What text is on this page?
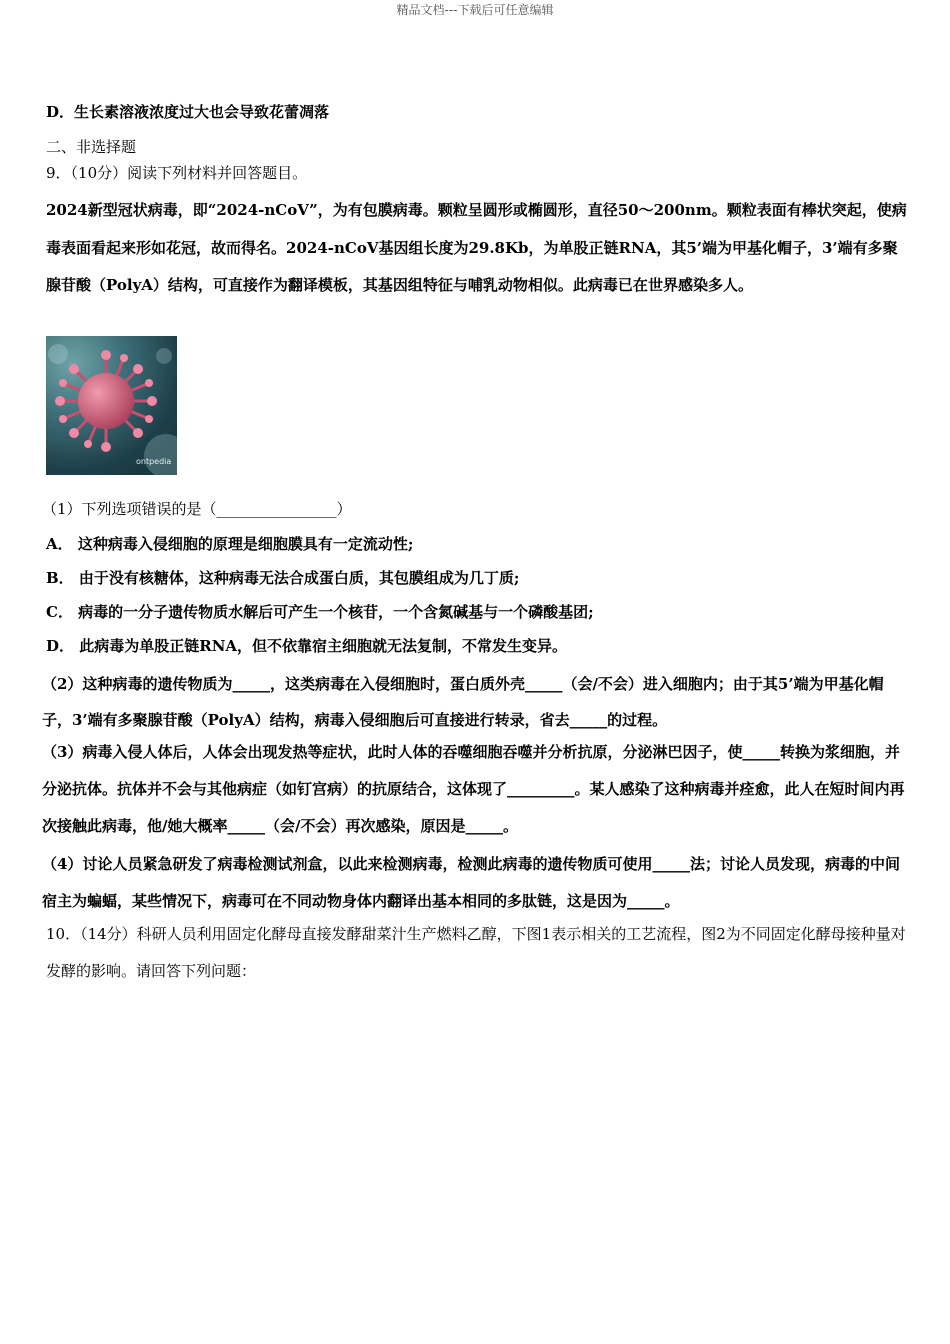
精品文档---下载后可任意编辑
D．生长素溶液浓度过大也会导致花蕾凋落
二、非选择题
9．（10分）阅读下列材料并回答题目。
2024新型冠状病毒，即“2024-nCoV”，为有包膜病毒。颗粒呈圆形或椭圆形，直径50～200nm。颗粒表面有棒状突起，使病毒表面看起来形如花冠，故而得名。2024-nCoV基因组长度为29.8Kb，为单股正链RNA，其5’端为甲基化帽子，3’端有多聚腺苷酸（PolyA）结构，可直接作为翻译模板，其基因组特征与哺乳动物相似。此病毒已在世界感染多人。
ontpedia
（1）下列选项错误的是（________________）
A． 这种病毒入侵细胞的原理是细胞膜具有一定流动性;
B． 由于没有核糖体，这种病毒无法合成蛋白质，其包膜组成为几丁质;
C． 病毒的一分子遗传物质水解后可产生一个核苷，一个含氮碱基与一个磷酸基团;
D． 此病毒为单股正链RNA，但不依靠宿主细胞就无法复制，不常发生变异。
（2）这种病毒的遗传物质为_____，这类病毒在入侵细胞时，蛋白质外壳_____（会/不会）进入细胞内；由于其5’端为甲基化帽子，3’端有多聚腺苷酸（PolyA）结构，病毒入侵细胞后可直接进行转录，省去_____的过程。
（3）病毒入侵人体后，人体会出现发热等症状，此时人体的吞噬细胞吞噬并分析抗原，分泌淋巴因子，使_____转换为浆细胞，并分泌抗体。抗体并不会与其他病症（如钉宫病）的抗原结合，这体现了_________。某人感染了这种病毒并痊愈，此人在短时间内再次接触此病毒，他/她大概率_____（会/不会）再次感染，原因是_____。
（4）讨论人员紧急研发了病毒检测试剂盒，以此来检测病毒，检测此病毒的遗传物质可使用_____法；讨论人员发现，病毒的中间宿主为蝙蝠，某些情况下，病毒可在不同动物身体内翻译出基本相同的多肽链，这是因为_____。
10．（14分）科研人员利用固定化酵母直接发酵甜菜汁生产燃料乙醇，下图1表示相关的工艺流程，图2为不同固定化酵母接种量对发酵的影响。请回答下列问题：
